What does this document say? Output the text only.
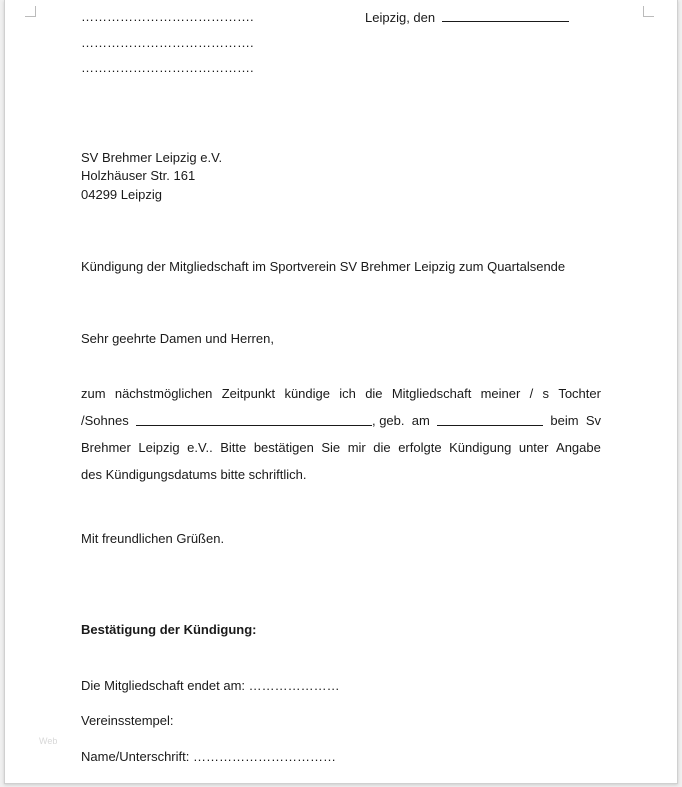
………………………………….
………………………………….
………………………………….
Leipzig, den
SV Brehmer Leipzig e.V.
Holzhäuser Str. 161
04299 Leipzig
Kündigung der Mitgliedschaft im Sportverein SV Brehmer Leipzig zum Quartalsende
Sehr geehrte Damen und Herren,
zum nächstmöglichen Zeitpunkt kündige ich die Mitgliedschaft meiner / s Tochter
/Sohnes	, geb. am	beim Sv
Brehmer Leipzig e.V.. Bitte bestätigen Sie mir die erfolgte Kündigung unter Angabe
des Kündigungsdatums bitte schriftlich.
Mit freundlichen Grüßen.
Bestätigung der Kündigung:
Die Mitgliedschaft endet am: …………………
Vereinsstempel:
Web
Name/Unterschrift: ……………………………
